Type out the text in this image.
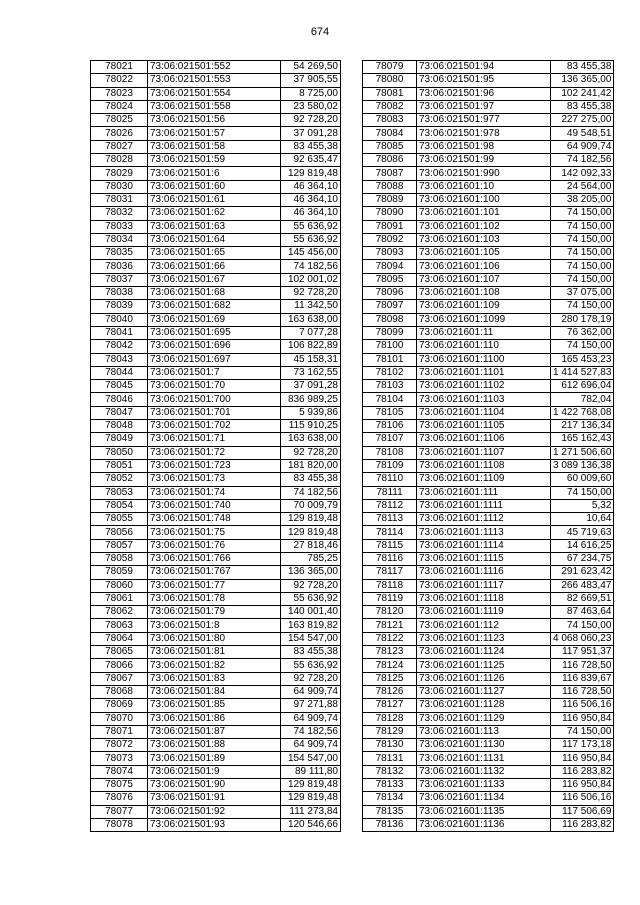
674
78021	73:06:021501:552	54 269,50
78022	73:06:021501:553	37 905,55
78023	73:06:021501:554	8 725,00
78024	73:06:021501:558	23 580,02
78025	73:06:021501:56	92 728,20
78026	73:06:021501:57	37 091,28
78027	73:06:021501:58	83 455,38
78028	73:06:021501:59	92 635,47
78029	73:06:021501:6	129 819,48
78030	73:06:021501:60	46 364,10
78031	73:06:021501:61	46 364,10
78032	73:06:021501:62	46 364,10
78033	73:06:021501:63	55 636,92
78034	73:06:021501:64	55 636,92
78035	73:06:021501:65	145 456,00
78036	73:06:021501:66	74 182,56
78037	73:06:021501:67	102 001,02
78038	73:06:021501:68	92 728,20
78039	73:06:021501:682	11 342,50
78040	73:06:021501:69	163 638,00
78041	73:06:021501:695	7 077,28
78042	73:06:021501:696	106 822,89
78043	73:06:021501:697	45 158,31
78044	73:06:021501:7	73 162,55
78045	73:06:021501:70	37 091,28
78046	73:06:021501:700	836 989,25
78047	73:06:021501:701	5 939,86
78048	73:06:021501:702	115 910,25
78049	73:06:021501:71	163 638,00
78050	73:06:021501:72	92 728,20
78051	73:06:021501:723	181 820,00
78052	73:06:021501:73	83 455,38
78053	73:06:021501:74	74 182,56
78054	73:06:021501:740	70 009,79
78055	73:06:021501:748	129 819,48
78056	73:06:021501:75	129 819,48
78057	73:06:021501:76	27 818,46
78058	73:06:021501:766	785,25
78059	73:06:021501:767	136 365,00
78060	73:06:021501:77	92 728,20
78061	73:06:021501:78	55 636,92
78062	73:06:021501:79	140 001,40
78063	73:06:021501:8	163 819,82
78064	73:06:021501:80	154 547,00
78065	73:06:021501:81	83 455,38
78066	73:06:021501:82	55 636,92
78067	73:06:021501:83	92 728,20
78068	73:06:021501:84	64 909,74
78069	73:06:021501:85	97 271,88
78070	73:06:021501:86	64 909,74
78071	73:06:021501:87	74 182,56
78072	73:06:021501:88	64 909,74
78073	73:06:021501:89	154 547,00
78074	73:06:021501:9	89 111,80
78075	73:06:021501:90	129 819,48
78076	73:06:021501:91	129 819,48
78077	73:06:021501:92	111 273,84
78078	73:06:021501:93	120 546,66
78079	73:06:021501:94	83 455,38
78080	73:06:021501:95	136 365,00
78081	73:06:021501:96	102 241,42
78082	73:06:021501:97	83 455,38
78083	73:06:021501:977	227 275,00
78084	73:06:021501:978	49 548,51
78085	73:06:021501:98	64 909,74
78086	73:06:021501:99	74 182,56
78087	73:06:021501:990	142 092,33
78088	73:06:021601:10	24 564,00
78089	73:06:021601:100	38 205,00
78090	73:06:021601:101	74 150,00
78091	73:06:021601:102	74 150,00
78092	73:06:021601:103	74 150,00
78093	73:06:021601:105	74 150,00
78094	73:06:021601:106	74 150,00
78095	73:06:021601:107	74 150,00
78096	73:06:021601:108	37 075,00
78097	73:06:021601:109	74 150,00
78098	73:06:021601:1099	280 178,19
78099	73:06:021601:11	76 362,00
78100	73:06:021601:110	74 150,00
78101	73:06:021601:1100	165 453,23
78102	73:06:021601:1101	1 414 527,83
78103	73:06:021601:1102	612 696,04
78104	73:06:021601:1103	782,04
78105	73:06:021601:1104	1 422 768,08
78106	73:06:021601:1105	217 136,34
78107	73:06:021601:1106	165 162,43
78108	73:06:021601:1107	1 271 506,60
78109	73:06:021601:1108	3 089 136,38
78110	73:06:021601:1109	60 009,60
78111	73:06:021601:111	74 150,00
78112	73:06:021601:1111	5,32
78113	73:06:021601:1112	10,64
78114	73:06:021601:1113	45 719,63
78115	73:06:021601:1114	14 616,25
78116	73:06:021601:1115	67 234,75
78117	73:06:021601:1116	291 623,42
78118	73:06:021601:1117	266 483,47
78119	73:06:021601:1118	82 669,51
78120	73:06:021601:1119	87 463,64
78121	73:06:021601:112	74 150,00
78122	73:06:021601:1123	4 068 060,23
78123	73:06:021601:1124	117 951,37
78124	73:06:021601:1125	116 728,50
78125	73:06:021601:1126	116 839,67
78126	73:06:021601:1127	116 728,50
78127	73:06:021601:1128	116 506,16
78128	73:06:021601:1129	116 950,84
78129	73:06:021601:113	74 150,00
78130	73:06:021601:1130	117 173,18
78131	73:06:021601:1131	116 950,84
78132	73:06:021601:1132	116 283,82
78133	73:06:021601:1133	116 950,84
78134	73:06:021601:1134	116 506,16
78135	73:06:021601:1135	117 506,69
78136	73:06:021601:1136	116 283,82
